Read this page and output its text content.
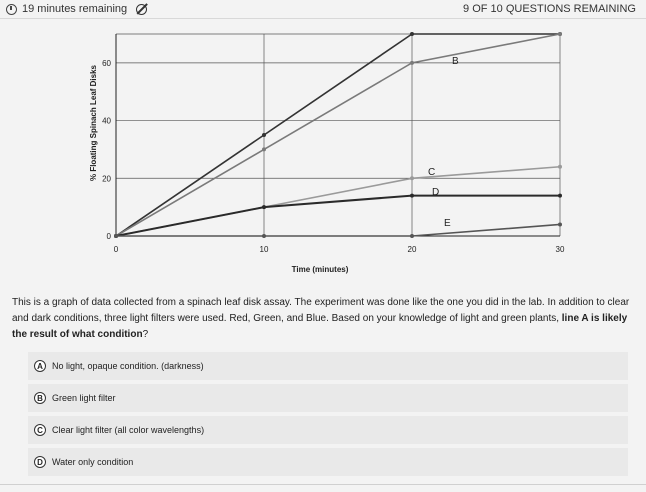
19 minutes remaining	9 OF 10 QUESTIONS REMAINING
B
C
D
E
0	10	20	30
0
20
40
60
Time (minutes)
% Floating Spinach Leaf Disks
This is a graph of data collected from a spinach leaf disk assay. The experiment was done like the one you did in the lab. In addition to clear and dark conditions, three light filters were used. Red, Green, and Blue. Based on your knowledge of light and green plants, line A is likely the result of what condition?
A	No light, opaque condition. (darkness)
B	Green light filter
C	Clear light filter (all color wavelengths)
D	Water only condition
